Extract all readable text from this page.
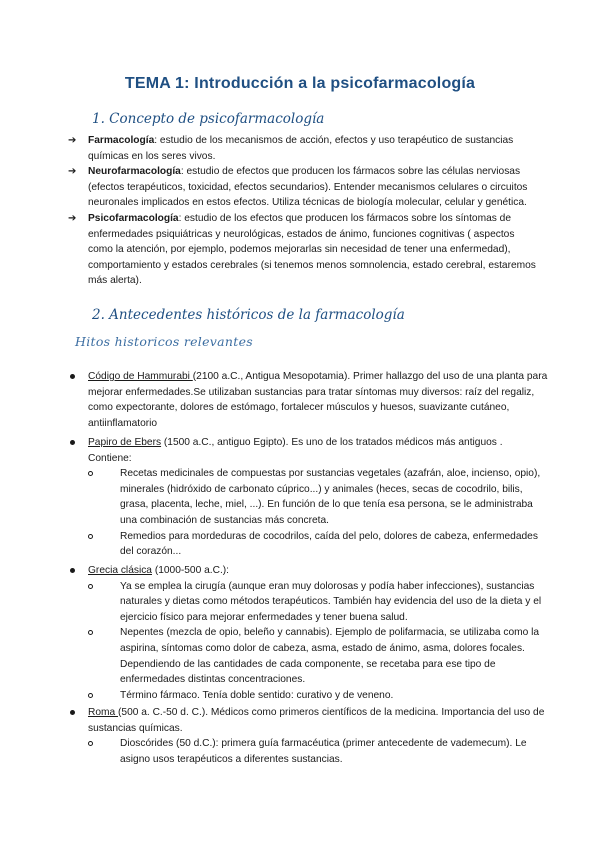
TEMA 1: Introducción a la psicofarmacología
1. Concepto de psicofarmacología
➔ Farmacología: estudio de los mecanismos de acción, efectos y uso terapéutico de sustancias químicas en los seres vivos.
➔ Neurofarmacología: estudio de efectos que producen los fármacos sobre las células nerviosas (efectos terapéuticos, toxicidad, efectos secundarios). Entender mecanismos celulares o circuitos neuronales implicados en estos efectos. Utiliza técnicas de biología molecular, celular y genética.
➔ Psicofarmacología: estudio de los efectos que producen los fármacos sobre los síntomas de enfermedades psiquiátricas y neurológicas, estados de ánimo, funciones cognitivas ( aspectos como la atención, por ejemplo, podemos mejorarlas sin necesidad de tener una enfermedad), comportamiento y estados cerebrales (si tenemos menos somnolencia, estado cerebral, estaremos más alerta).
2. Antecedentes históricos de la farmacología
Hitos historicos relevantes
Código de Hammurabi (2100 a.C., Antigua Mesopotamia). Primer hallazgo del uso de una planta para mejorar enfermedades.Se utilizaban sustancias para tratar síntomas muy diversos: raíz del regaliz, como expectorante, dolores de estómago, fortalecer músculos y huesos, suavizante cutáneo, antiinflamatorio
Papiro de Ebers (1500 a.C., antiguo Egipto). Es uno de los tratados médicos más antiguos . Contiene:
Recetas medicinales de compuestas por sustancias vegetales (azafrán, aloe, incienso, opio), minerales (hidróxido de carbonato cúprico...) y animales (heces, secas de cocodrilo, bilis, grasa, placenta, leche, miel, ...). En función de lo que tenía esa persona, se le administraba una combinación de sustancias más concreta.
Remedios para mordeduras de cocodrilos, caída del pelo, dolores de cabeza, enfermedades del corazón...
Grecia clásica (1000-500 a.C.):
Ya se emplea la cirugía (aunque eran muy dolorosas y podía haber infecciones), sustancias naturales y dietas como métodos terapéuticos. También hay evidencia del uso de la dieta y el ejercicio físico para mejorar enfermedades y tener buena salud.
Nepentes (mezcla de opio, beleño y cannabis). Ejemplo de polifarmacia, se utilizaba como la aspirina, síntomas como dolor de cabeza, asma, estado de ánimo, asma, dolores focales. Dependiendo de las cantidades de cada componente, se recetaba para ese tipo de enfermedades distintas concentraciones.
Término fármaco. Tenía doble sentido: curativo y de veneno.
Roma (500 a. C.-50 d. C.). Médicos como primeros científicos de la medicina. Importancia del uso de sustancias químicas.
Dioscórides (50 d.C.): primera guía farmacéutica (primer antecedente de vademecum). Le asigno usos terapéuticos a diferentes sustancias.
